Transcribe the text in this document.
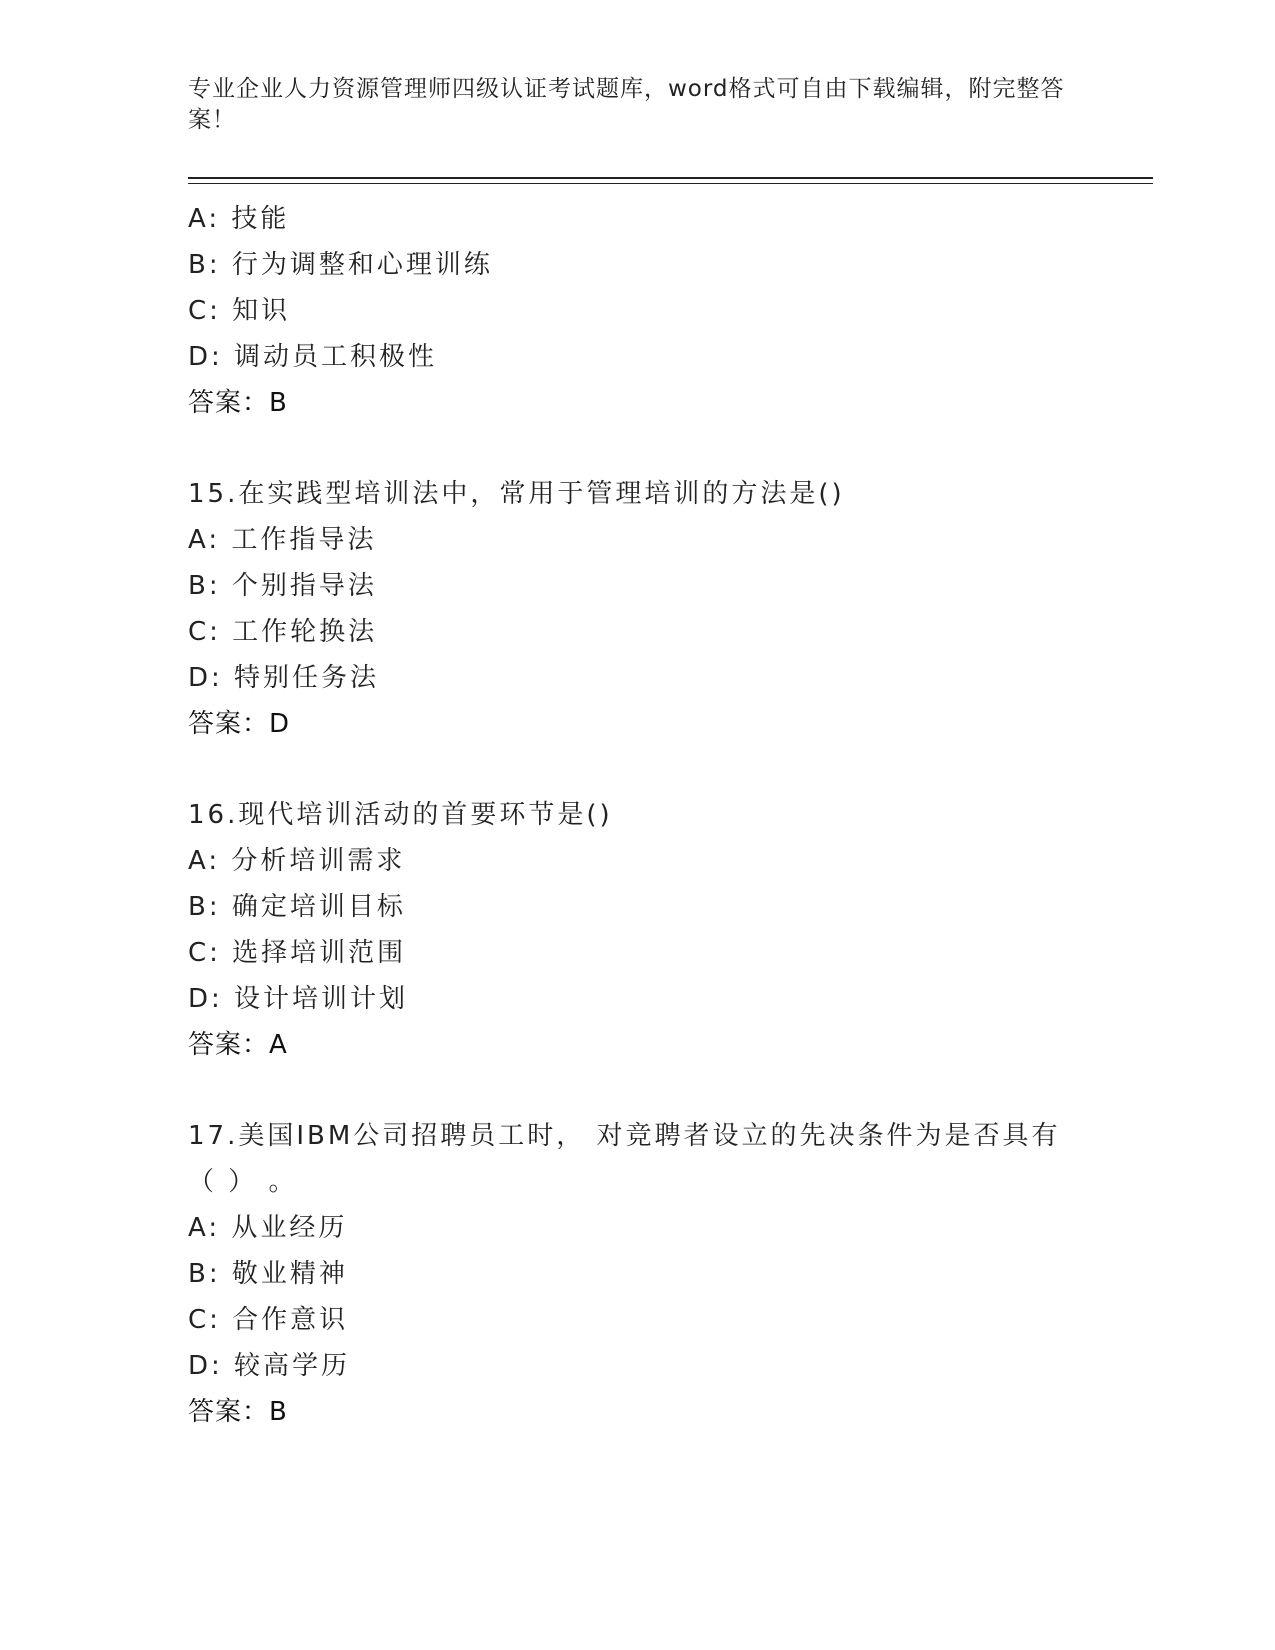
专业企业人力资源管理师四级认证考试题库，word格式可自由下载编辑，附完整答案！
A: 技能
B: 行为调整和心理训练
C: 知识
D: 调动员工积极性
答案：B
15.在实践型培训法中，常用于管理培训的方法是()
A: 工作指导法
B: 个别指导法
C: 工作轮换法
D: 特别任务法
答案：D
16.现代培训活动的首要环节是()
A: 分析培训需求
B: 确定培训目标
C: 选择培训范围
D: 设计培训计划
答案：A
17.美国IBM公司招聘员工时， 对竞聘者设立的先决条件为是否具有（ ） 。
A: 从业经历
B: 敬业精神
C: 合作意识
D: 较高学历
答案：B
